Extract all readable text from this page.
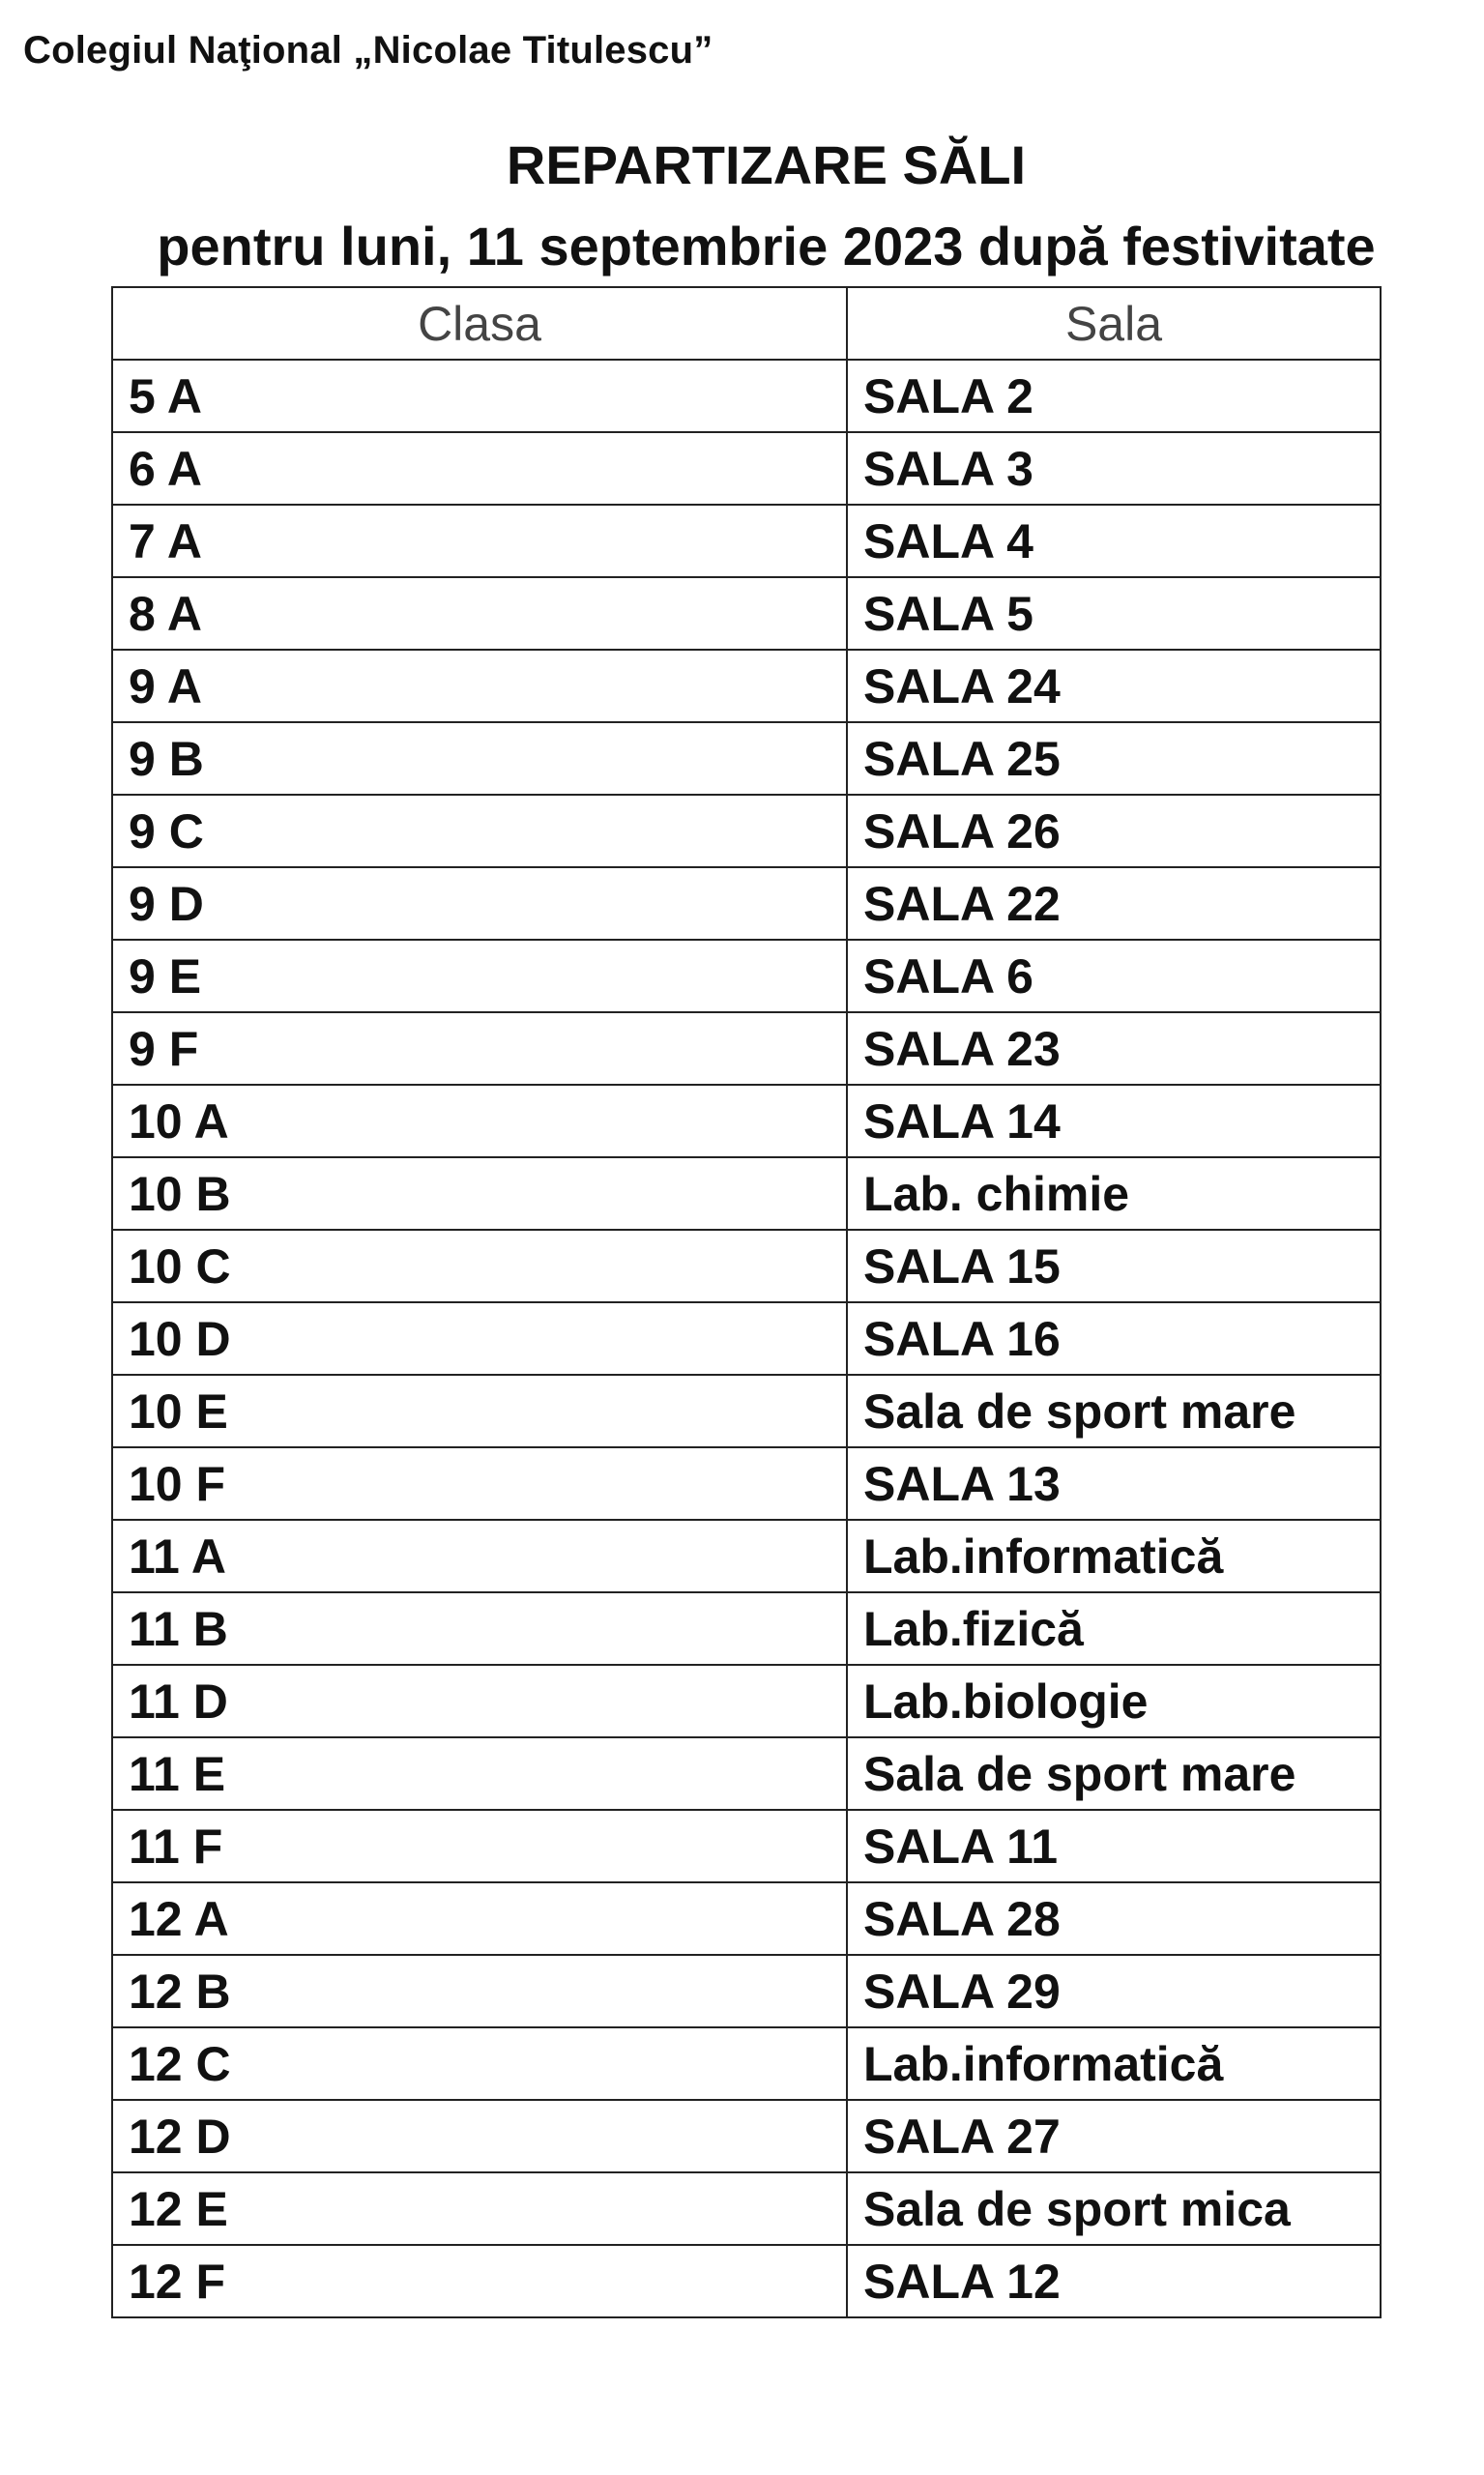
Colegiul Naţional „Nicolae Titulescu”
REPARTIZARE SĂLI
pentru luni, 11 septembrie 2023 după festivitate
Clasa	Sala
5 A	SALA 2
6 A	SALA 3
7 A	SALA 4
8 A	SALA 5
9 A	SALA 24
9 B	SALA 25
9 C	SALA 26
9 D	SALA 22
9 E	SALA 6
9 F	SALA 23
10 A	SALA 14
10 B	Lab. chimie
10 C	SALA 15
10 D	SALA 16
10 E	Sala de sport mare
10 F	SALA 13
11 A	Lab.informatică
11 B	Lab.fizică
11 D	Lab.biologie
11 E	Sala de sport mare
11 F	SALA 11
12 A	SALA 28
12 B	SALA 29
12 C	Lab.informatică
12 D	SALA 27
12 E	Sala de sport mica
12 F	SALA 12
